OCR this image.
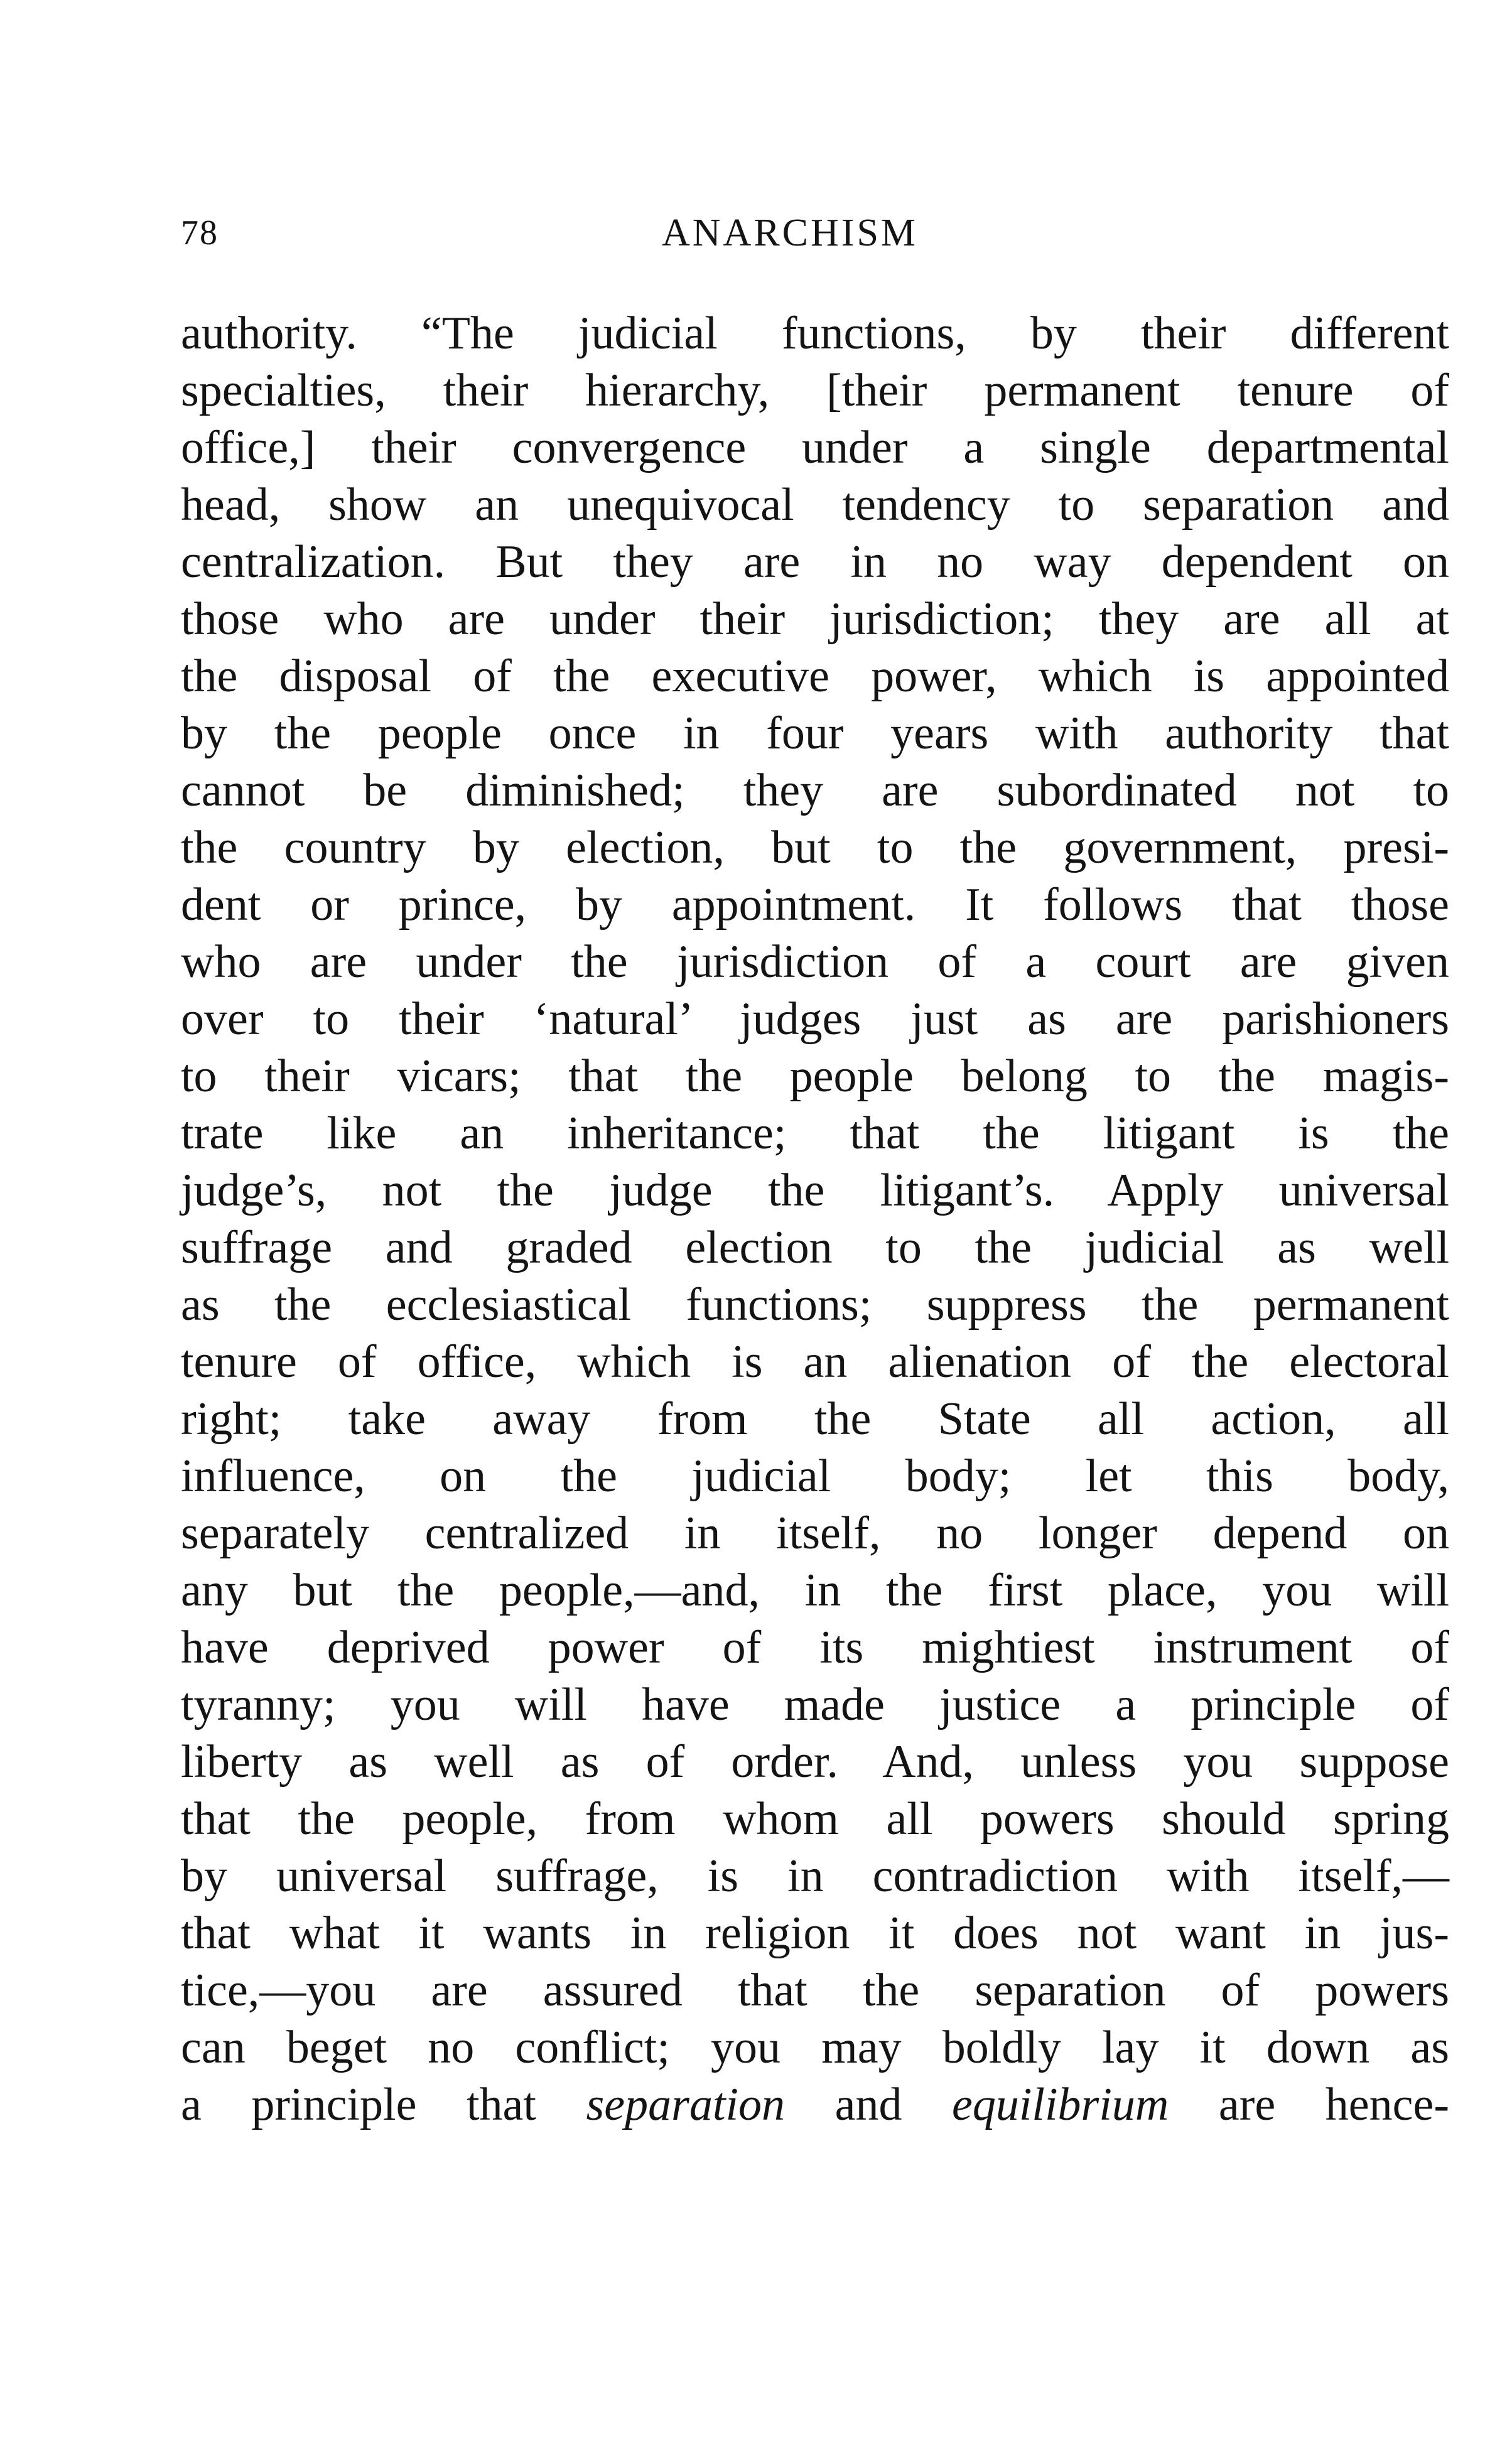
78	ANARCHISM
authority. “The judicial functions, by their different
specialties, their hierarchy, [their permanent tenure of
office,] their convergence under a single departmental
head, show an unequivocal tendency to separation and
centralization. But they are in no way dependent on
those who are under their jurisdiction; they are all at
the disposal of the executive power, which is appointed
by the people once in four years with authority that
cannot be diminished; they are subordinated not to
the country by election, but to the government, presi-
dent or prince, by appointment. It follows that those
who are under the jurisdiction of a court are given
over to their ‘natural’ judges just as are parishioners
to their vicars; that the people belong to the magis-
trate like an inheritance; that the litigant is the
judge’s, not the judge the litigant’s. Apply universal
suffrage and graded election to the judicial as well
as the ecclesiastical functions; suppress the permanent
tenure of office, which is an alienation of the electoral
right; take away from the State all action, all
influence, on the judicial body; let this body,
separately centralized in itself, no longer depend on
any but the people,—and, in the first place, you will
have deprived power of its mightiest instrument of
tyranny; you will have made justice a principle of
liberty as well as of order. And, unless you suppose
that the people, from whom all powers should spring
by universal suffrage, is in contradiction with itself,—
that what it wants in religion it does not want in jus-
tice,—you are assured that the separation of powers
can beget no conflict; you may boldly lay it down as
a principle that separation and equilibrium are hence-
